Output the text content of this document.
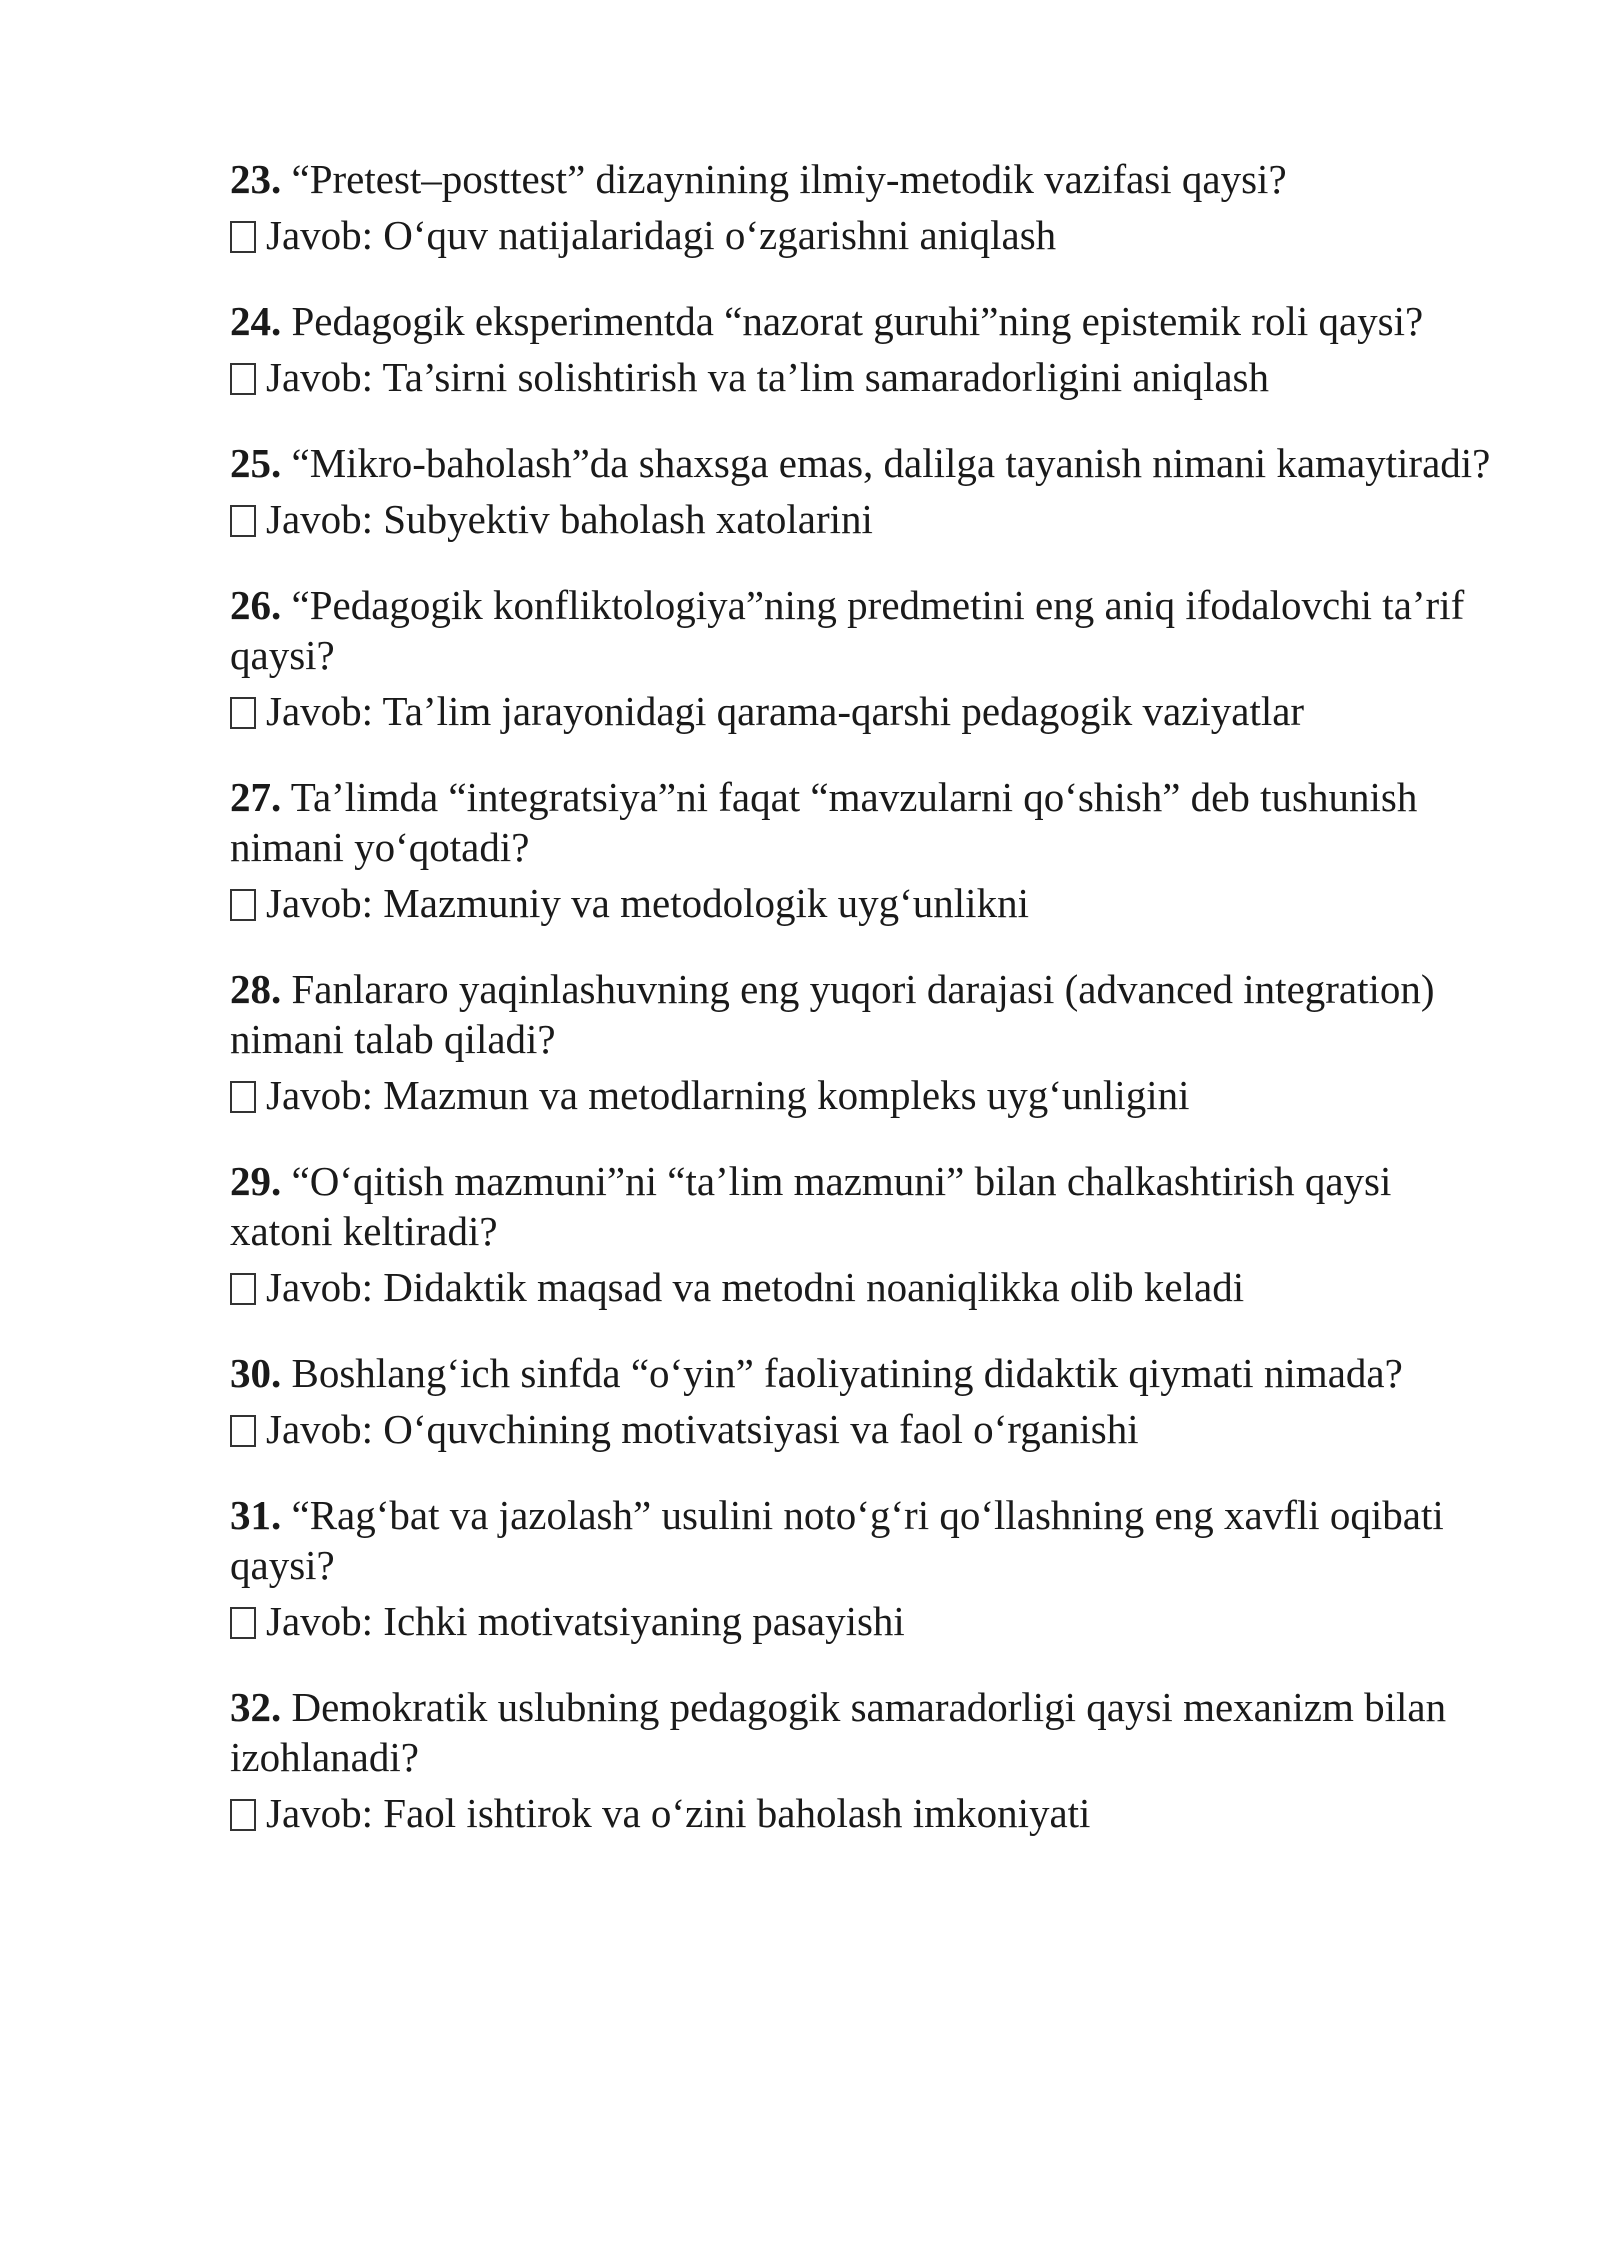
23. “Pretest–posttest” dizaynining ilmiy-metodik vazifasi qaysi?

Javob: O‘quv natijalaridagi o‘zgarishni aniqlash

24. Pedagogik eksperimentda “nazorat guruhi”ning epistemik roli qaysi?

Javob: Ta’sirni solishtirish va ta’lim samaradorligini aniqlash

25. “Mikro-baholash”da shaxsga emas, dalilga tayanish nimani kamaytiradi?

Javob: Subyektiv baholash xatolarini

26. “Pedagogik konfliktologiya”ning predmetini eng aniq ifodalovchi ta’rif qaysi?

Javob: Ta’lim jarayonidagi qarama-qarshi pedagogik vaziyatlar

27. Ta’limda “integratsiya”ni faqat “mavzularni qo‘shish” deb tushunish nimani yo‘qotadi?

Javob: Mazmuniy va metodologik uyg‘unlikni

28. Fanlararo yaqinlashuvning eng yuqori darajasi (advanced integration) nimani talab qiladi?

Javob: Mazmun va metodlarning kompleks uyg‘unligini

29. “O‘qitish mazmuni”ni “ta’lim mazmuni” bilan chalkashtirish qaysi xatoni keltiradi?

Javob: Didaktik maqsad va metodni noaniqlikka olib keladi

30. Boshlang‘ich sinfda “o‘yin” faoliyatining didaktik qiymati nimada?

Javob: O‘quvchining motivatsiyasi va faol o‘rganishi

31. “Rag‘bat va jazolash” usulini noto‘g‘ri qo‘llashning eng xavfli oqibati qaysi?

Javob: Ichki motivatsiyaning pasayishi

32. Demokratik uslubning pedagogik samaradorligi qaysi mexanizm bilan izohlanadi?

Javob: Faol ishtirok va o‘zini baholash imkoniyati
